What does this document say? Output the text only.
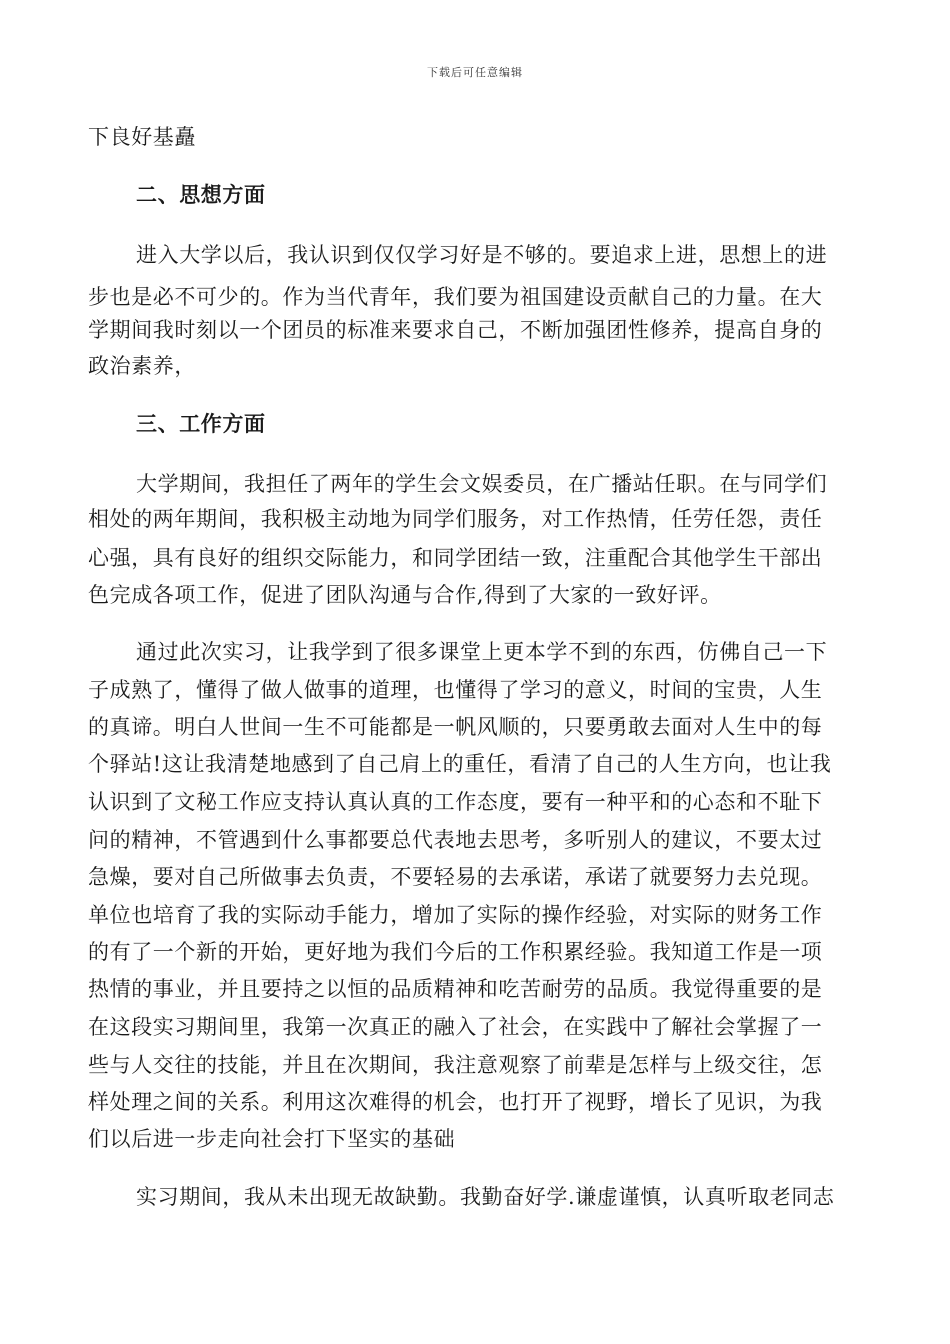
下载后可任意编辑
下良好基矗
二、思想方面
进入大学以后，我认识到仅仅学习好是不够的。要追求上进，思想上的进
步也是必不可少的。作为当代青年，我们要为祖国建设贡献自己的力量。在大
学期间我时刻以一个团员的标准来要求自己，不断加强团性修养，提高自身的
政治素养，
三、工作方面
大学期间，我担任了两年的学生会文娱委员，在广播站任职。在与同学们
相处的两年期间，我积极主动地为同学们服务，对工作热情，任劳任怨，责任
心强，具有良好的组织交际能力，和同学团结一致，注重配合其他学生干部出
色完成各项工作，促进了团队沟通与合作,得到了大家的一致好评。
通过此次实习，让我学到了很多课堂上更本学不到的东西，仿佛自己一下
子成熟了，懂得了做人做事的道理，也懂得了学习的意义，时间的宝贵，人生
的真谛。明白人世间一生不可能都是一帆风顺的，只要勇敢去面对人生中的每
个驿站!这让我清楚地感到了自己肩上的重任，看清了自己的人生方向，也让我
认识到了文秘工作应支持认真认真的工作态度，要有一种平和的心态和不耻下
问的精神，不管遇到什么事都要总代表地去思考，多听别人的建议，不要太过
急燥，要对自己所做事去负责，不要轻易的去承诺，承诺了就要努力去兑现。
单位也培育了我的实际动手能力，增加了实际的操作经验，对实际的财务工作
的有了一个新的开始，更好地为我们今后的工作积累经验。我知道工作是一项
热情的事业，并且要持之以恒的品质精神和吃苦耐劳的品质。我觉得重要的是
在这段实习期间里，我第一次真正的融入了社会，在实践中了解社会掌握了一
些与人交往的技能，并且在次期间，我注意观察了前辈是怎样与上级交往，怎
样处理之间的关系。利用这次难得的机会，也打开了视野，增长了见识，为我
们以后进一步走向社会打下坚实的基础
实习期间，我从未出现无故缺勤。我勤奋好学.谦虚谨慎，认真听取老同志
